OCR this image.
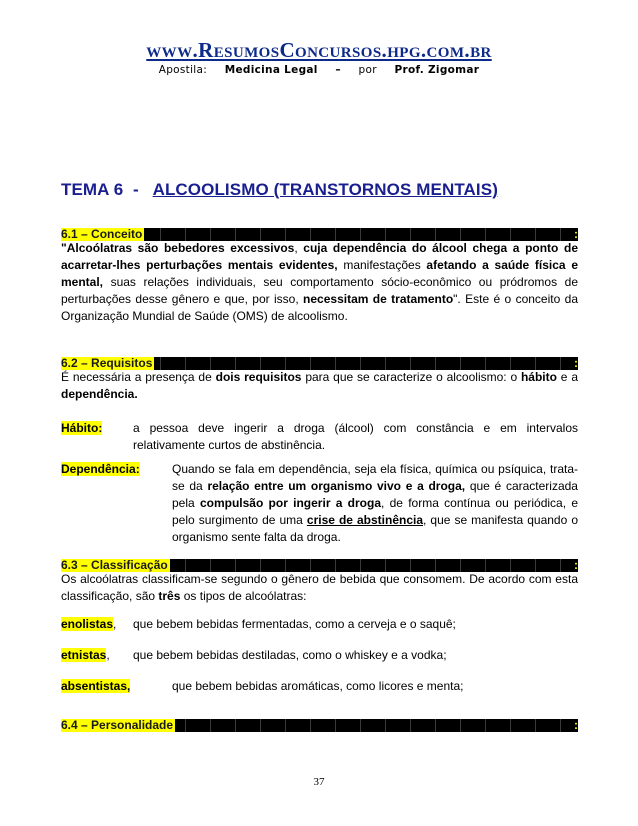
www.ResumosConcursos.hpg.com.br
Apostila: Medicina Legal – por Prof. Zigomar
TEMA 6  - ALCOOLISMO (TRANSTORNOS MENTAIS)
6.1 – Conceito	:
"Alcoólatras são bebedores excessivos, cuja dependência do álcool chega a ponto de acarretar-lhes perturbações mentais evidentes, manifestações afetando a saúde física e mental, suas relações individuais, seu comportamento sócio-econômico ou pródromos de perturbações desse gênero e que, por isso, necessitam de tratamento". Este é o conceito da Organização Mundial de Saúde (OMS) de alcoolismo.
6.2 – Requisitos	:
É necessária a presença de dois requisitos para que se caracterize o alcoolismo: o hábito e a dependência.
Hábito:	a pessoa deve ingerir a droga (álcool) com constância e em intervalos relativamente curtos de abstinência.
Dependência:	Quando se fala em dependência, seja ela física, química ou psíquica, trata-se da relação entre um organismo vivo e a droga, que é caracterizada pela compulsão por ingerir a droga, de forma contínua ou periódica, e pelo surgimento de uma crise de abstinência, que se manifesta quando o organismo sente falta da droga.
6.3 – Classificação	:
Os alcoólatras classificam-se segundo o gênero de bebida que consomem. De acordo com esta classificação, são três os tipos de alcoólatras:
enolistas, que bebem bebidas fermentadas, como a cerveja e o saquê;
etnistas, que bebem bebidas destiladas, como o whiskey e a vodka;
absentistas,	que bebem bebidas aromáticas, como licores e menta;
6.4 – Personalidade	:
37
